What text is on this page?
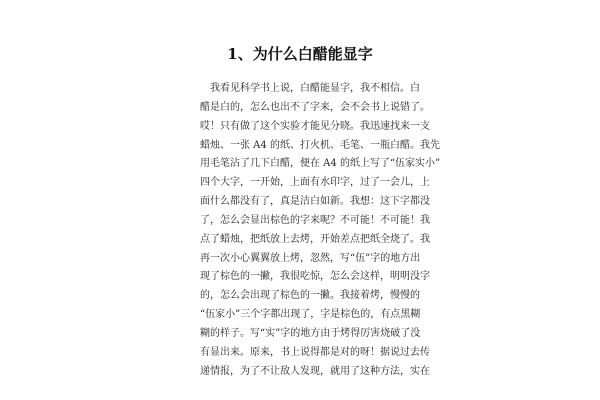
1、为什么白醋能显字
　我看见科学书上说，白醋能显字，我不相信。白
醋是白的，怎么也出不了字来，会不会书上说错了。
哎！只有做了这个实验才能见分晓。我迅速找来一支
蜡烛、一张 A4 的纸、打火机、毛笔、一瓶白醋。我先
用毛笔沾了几下白醋，便在 A4 的纸上写了“伍家实小”
四个大字，一开始，上面有水印字，过了一会儿，上
面什么都没有了，真是洁白如新。我想：这下字都没
了，怎么会显出棕色的字来呢？不可能！不可能！我
点了蜡烛，把纸放上去烤，开始差点把纸全烧了。我
再一次小心翼翼放上烤，忽然，写“伍”字的地方出
现了棕色的一撇，我很吃惊，怎么会这样，明明没字
的，怎么会出现了棕色的一撇。我接着烤，慢慢的
“伍家小”三个字都出现了，字是棕色的，有点黑糊
糊的样子。写“实”字的地方由于烤得厉害烧破了没
有显出来。原来，书上说得都是对的呀！据说过去传
递情报，为了不让敌人发现，就用了这种方法，实在
